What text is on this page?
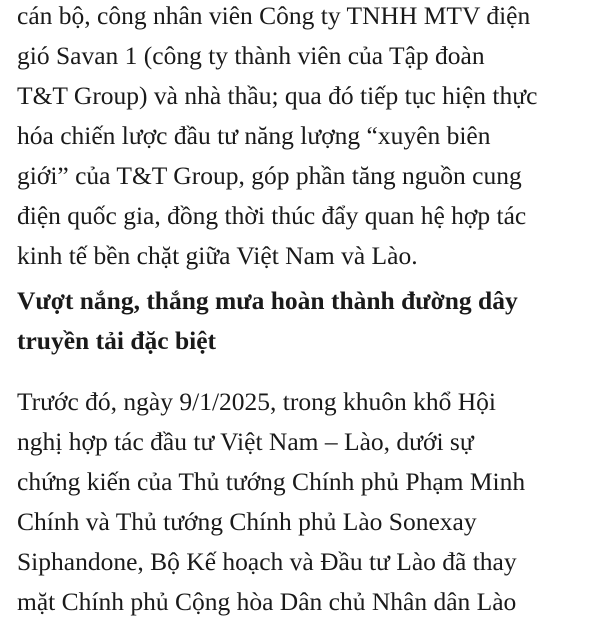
cán bộ, công nhân viên Công ty TNHH MTV điện
gió Savan 1 (công ty thành viên của Tập đoàn
T&T Group) và nhà thầu; qua đó tiếp tục hiện thực
hóa chiến lược đầu tư năng lượng “xuyên biên
giới” của T&T Group, góp phần tăng nguồn cung
điện quốc gia, đồng thời thúc đẩy quan hệ hợp tác
kinh tế bền chặt giữa Việt Nam và Lào.
Vượt nắng, thắng mưa hoàn thành đường dây
truyền tải đặc biệt
Trước đó, ngày 9/1/2025, trong khuôn khổ Hội
nghị hợp tác đầu tư Việt Nam – Lào, dưới sự
chứng kiến của Thủ tướng Chính phủ Phạm Minh
Chính và Thủ tướng Chính phủ Lào Sonexay
Siphandone, Bộ Kế hoạch và Đầu tư Lào đã thay
mặt Chính phủ Cộng hòa Dân chủ Nhân dân Lào
